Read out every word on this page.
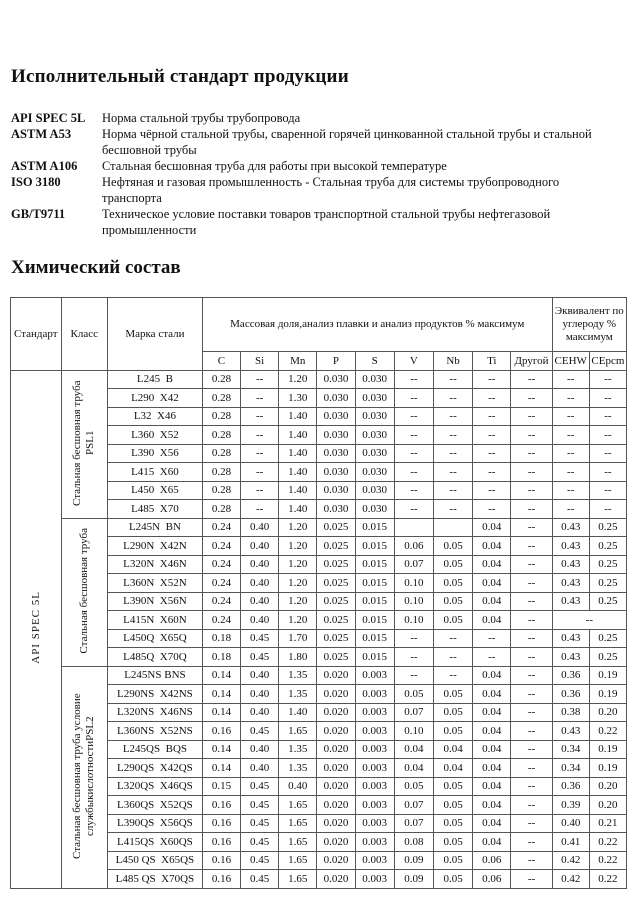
Исполнительный стандарт продукции
API SPEC 5L	Норма стальной трубы трубопровода
ASTM A53	Норма чёрной стальной трубы, сваренной горячей цинкованной стальной трубы и стальной бесшовной трубы
ASTM A106	Стальная бесшовная труба для работы при высокой температуре
ISO 3180	Нефтяная и газовая промышленность - Стальная труба для системы трубопроводного транспорта
GB/T9711	Техническое условие поставки товаров транспортной стальной трубы нефтегазовой промышленности
Химический состав
Стандарт	Класс	Марка стали	Массовая доля,анализ плавки и анализ продуктов % максимум									Эквивалент по углероду % максимум	
			C	Si	Mn	P	S	V	Nb	Ti	Другой	CEHW	CEpcm
API SPEC 5L	Стальная бесшовная труба PSL1	L245  B	0.28	--	1.20	0.030	0.030	--	--	--	--	--	--
		L290  X42	0.28	--	1.30	0.030	0.030	--	--	--	--	--	--
		L32  X46	0.28	--	1.40	0.030	0.030	--	--	--	--	--	--
		L360  X52	0.28	--	1.40	0.030	0.030	--	--	--	--	--	--
		L390  X56	0.28	--	1.40	0.030	0.030	--	--	--	--	--	--
		L415  X60	0.28	--	1.40	0.030	0.030	--	--	--	--	--	--
		L450  X65	0.28	--	1.40	0.030	0.030	--	--	--	--	--	--
		L485  X70	0.28	--	1.40	0.030	0.030	--	--	--	--	--	--
	Стальная бесшовная труба	L245N  BN	0.24	0.40	1.20	0.025	0.015			0.04	--	0.43	0.25
		L290N  X42N	0.24	0.40	1.20	0.025	0.015	0.06	0.05	0.04	--	0.43	0.25
		L320N  X46N	0.24	0.40	1.20	0.025	0.015	0.07	0.05	0.04	--	0.43	0.25
		L360N  X52N	0.24	0.40	1.20	0.025	0.015	0.10	0.05	0.04	--	0.43	0.25
		L390N  X56N	0.24	0.40	1.20	0.025	0.015	0.10	0.05	0.04	--	0.43	0.25
		L415N  X60N	0.24	0.40	1.20	0.025	0.015	0.10	0.05	0.04	--	--	
		L450Q  X65Q	0.18	0.45	1.70	0.025	0.015	--	--	--	--	0.43	0.25
		L485Q  X70Q	0.18	0.45	1.80	0.025	0.015	--	--	--	--	0.43	0.25
	Стальная бесшовная труба условие службыкислотностиPSL2	L245NS BNS	0.14	0.40	1.35	0.020	0.003	--	--	0.04	--	0.36	0.19
		L290NS  X42NS	0.14	0.40	1.35	0.020	0.003	0.05	0.05	0.04	--	0.36	0.19
		L320NS  X46NS	0.14	0.40	1.40	0.020	0.003	0.07	0.05	0.04	--	0.38	0.20
		L360NS  X52NS	0.16	0.45	1.65	0.020	0.003	0.10	0.05	0.04	--	0.43	0.22
		L245QS  BQS	0.14	0.40	1.35	0.020	0.003	0.04	0.04	0.04	--	0.34	0.19
		L290QS  X42QS	0.14	0.40	1.35	0.020	0.003	0.04	0.04	0.04	--	0.34	0.19
		L320QS  X46QS	0.15	0.45	0.40	0.020	0.003	0.05	0.05	0.04	--	0.36	0.20
		L360QS  X52QS	0.16	0.45	1.65	0.020	0.003	0.07	0.05	0.04	--	0.39	0.20
		L390QS  X56QS	0.16	0.45	1.65	0.020	0.003	0.07	0.05	0.04	--	0.40	0.21
		L415QS  X60QS	0.16	0.45	1.65	0.020	0.003	0.08	0.05	0.04	--	0.41	0.22
		L450 QS  X65QS	0.16	0.45	1.65	0.020	0.003	0.09	0.05	0.06	--	0.42	0.22
		L485 QS  X70QS	0.16	0.45	1.65	0.020	0.003	0.09	0.05	0.06	--	0.42	0.22
